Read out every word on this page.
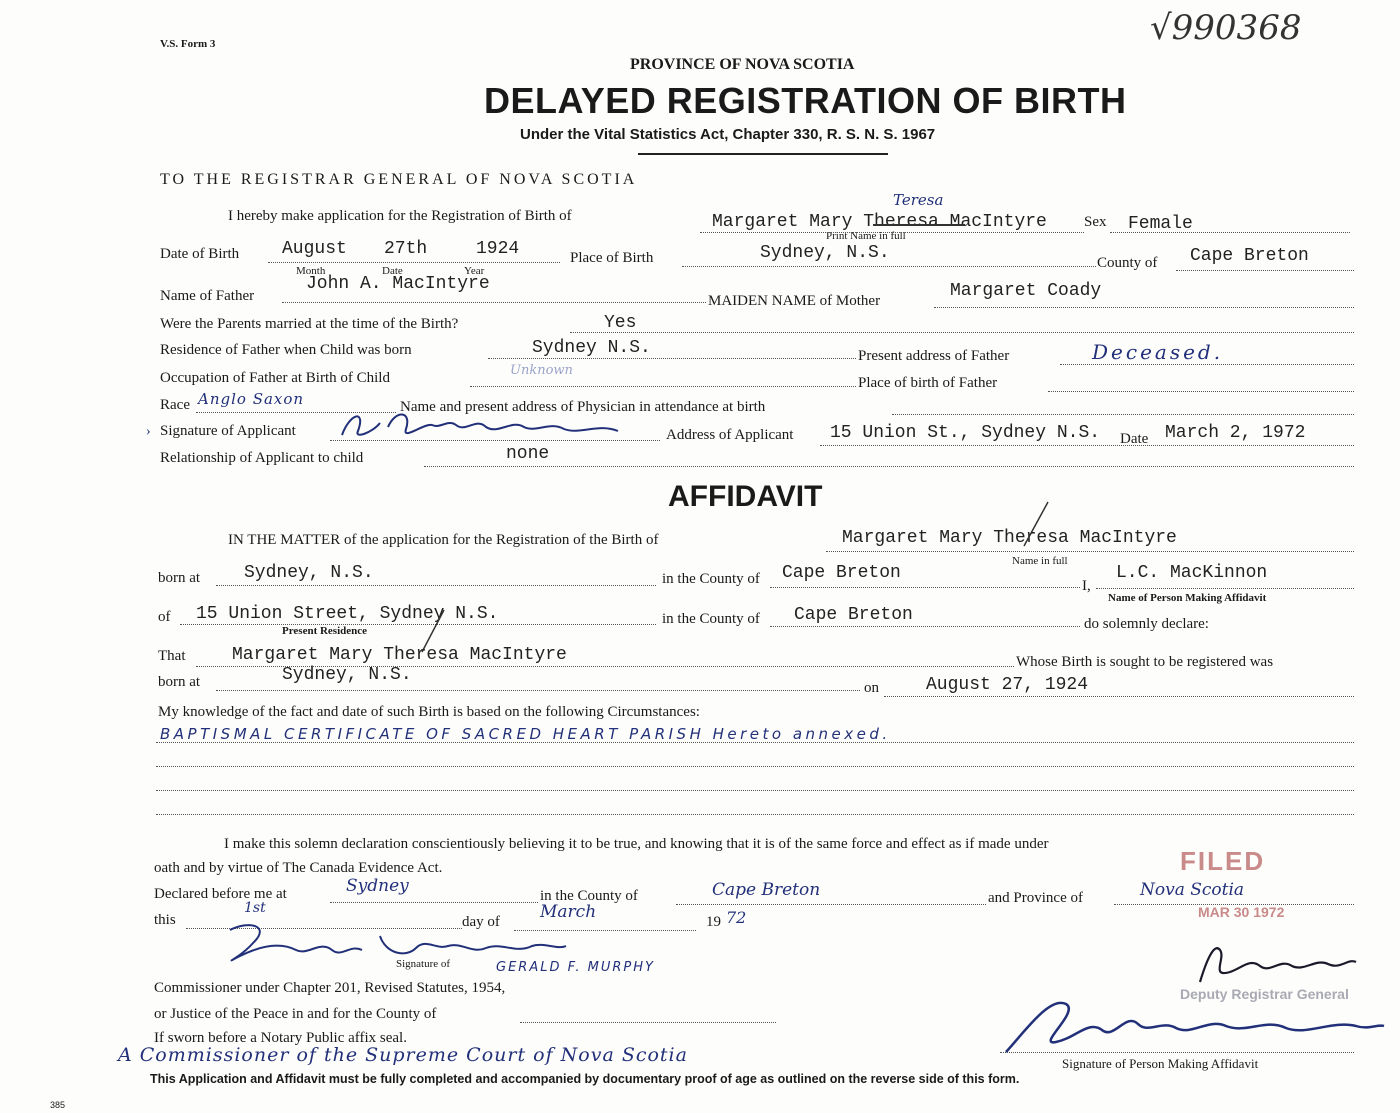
V.S. Form 3	√990368
PROVINCE OF NOVA SCOTIA
DELAYED REGISTRATION OF BIRTH
Under the Vital Statistics Act, Chapter 330, R. S. N. S. 1967
TO THE REGISTRAR GENERAL OF NOVA SCOTIA
I hereby make application for the Registration of Birth of	Margaret Mary Theresa MacIntyre
Teresa
Print Name in full
Sex Female
Date of Birth August 27th	1924
Month	Date	Year
Place of Birth	Sydney, N.S.	County of Cape Breton
Name of Father
John A. MacIntyre
MAIDEN NAME of Mother	Margaret Coady
Were the Parents married at the time of the Birth?	Yes
Residence of Father when Child was born	Sydney N.S.	Present address of Father	Deceased.
Occupation of Father at Birth of Child	Unknown
Place of birth of Father
Race Anglo Saxon	Name and present address of Physician in attendance at birth
› Signature of Applicant	Address of Applicant 15 Union St., Sydney N.S. Date March 2, 1972
Relationship of Applicant to child	none
AFFIDAVIT
IN THE MATTER of the application for the Registration of the Birth of	Margaret Mary Theresa MacIntyre
Name in full
born at Sydney, N.S.	in the County of Cape Breton
I,
L.C. MacKinnon
Name of Person Making Affidavit
of 15 Union Street, Sydney N.S.
Present Residence
in the County of Cape Breton	do solemnly declare:
That	Margaret Mary Theresa MacIntyre	Whose Birth is sought to be registered was
born at	Sydney, N.S.
on	August 27, 1924
My knowledge of the fact and date of such Birth is based on the following Circumstances:
BAPTISMAL CERTIFICATE OF SACRED HEART PARISH Hereto annexed.
I make this solemn declaration conscientiously believing it to be true, and knowing that it is of the same force and effect as if made under
oath and by virtue of The Canada Evidence Act.
Declared before me at	Sydney	in the County of	Cape Breton	and Province of	Nova Scotia
this
1st
day of March	19 72
Signature of	GERALD F. MURPHY
Commissioner under Chapter 201, Revised Statutes, 1954,
or Justice of the Peace in and for the County of
If sworn before a Notary Public affix seal.
A Commissioner of the Supreme Court of Nova Scotia
FILED
MAR 30 1972
Deputy Registrar General
Signature of Person Making Affidavit
This Application and Affidavit must be fully completed and accompanied by documentary proof of age as outlined on the reverse side of this form.
385
